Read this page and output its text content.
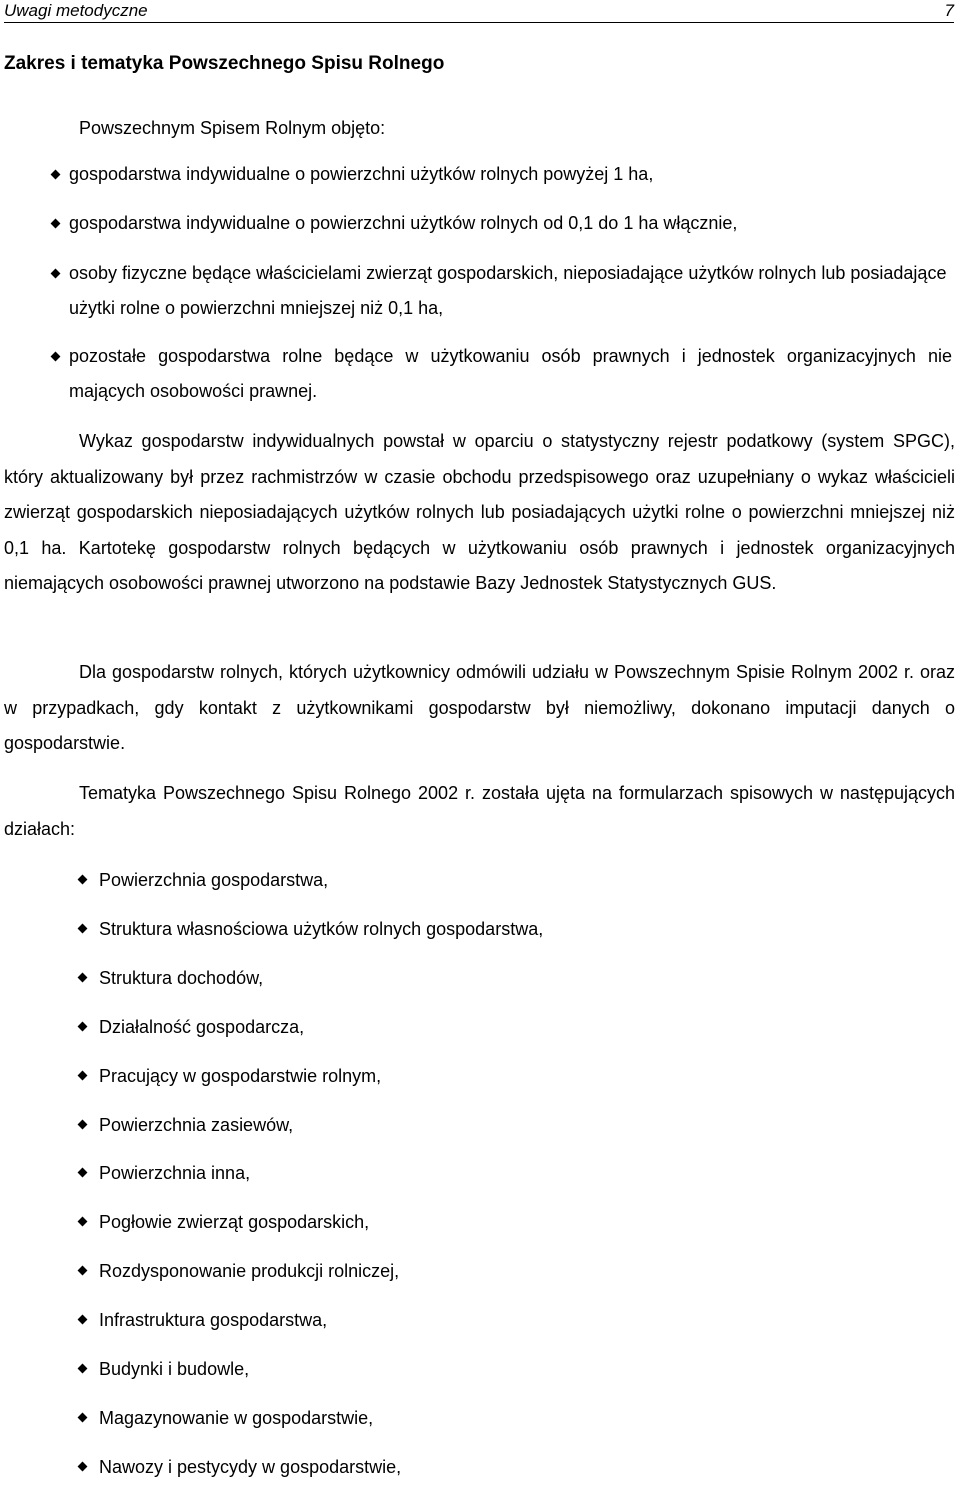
Uwagi metodyczne	7
Zakres i tematyka Powszechnego Spisu Rolnego
Powszechnym Spisem Rolnym objęto:
gospodarstwa indywidualne o powierzchni użytków rolnych powyżej 1 ha,
gospodarstwa indywidualne o powierzchni użytków rolnych od 0,1 do 1 ha włącznie,
osoby fizyczne będące właścicielami zwierząt gospodarskich, nieposiadające użytków rolnych lub posiadające użytki rolne o powierzchni mniejszej niż 0,1 ha,
pozostałe gospodarstwa rolne będące w użytkowaniu osób prawnych i jednostek organizacyjnych nie mających osobowości prawnej.
Wykaz gospodarstw indywidualnych powstał w oparciu o statystyczny rejestr podatkowy (system SPGC), który aktualizowany był przez rachmistrzów w czasie obchodu przedspisowego oraz uzupełniany o wykaz właścicieli zwierząt gospodarskich nieposiadających użytków rolnych lub posiadających użytki rolne o powierzchni mniejszej niż 0,1 ha. Kartotekę gospodarstw rolnych będących w użytkowaniu osób prawnych i jednostek organizacyjnych niemających osobowości prawnej utworzono na podstawie Bazy Jednostek Statystycznych GUS.
Dla gospodarstw rolnych, których użytkownicy odmówili udziału w Powszechnym Spisie Rolnym 2002 r. oraz w przypadkach, gdy kontakt z użytkownikami gospodarstw był niemożliwy, dokonano imputacji danych o gospodarstwie.
Tematyka Powszechnego Spisu Rolnego 2002 r. została ujęta na formularzach spisowych w następujących działach:
Powierzchnia gospodarstwa,
Struktura własnościowa użytków rolnych gospodarstwa,
Struktura dochodów,
Działalność gospodarcza,
Pracujący w gospodarstwie rolnym,
Powierzchnia zasiewów,
Powierzchnia inna,
Pogłowie zwierząt gospodarskich,
Rozdysponowanie produkcji rolniczej,
Infrastruktura gospodarstwa,
Budynki i budowle,
Magazynowanie w gospodarstwie,
Nawozy i pestycydy w gospodarstwie,
